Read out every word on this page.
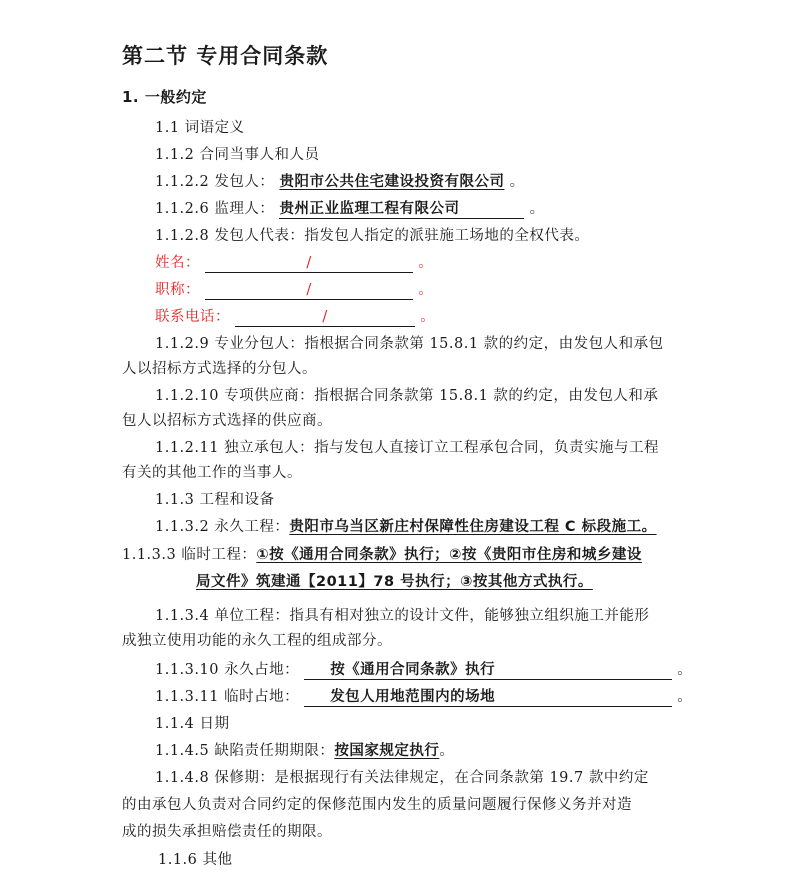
第二节 专用合同条款
1. 一般约定
1.1 词语定义
1.1.2 合同当事人和人员
1.1.2.2 发包人： 贵阳市公共住宅建设投资有限公司 。
1.1.2.6 监理人： 贵州正业监理工程有限公司	。
1.1.2.8 发包人代表：指发包人指定的派驻施工场地的全权代表。
姓名：	/	。
职称：	/	。
联系电话：	/	。
1.1.2.9 专业分包人：指根据合同条款第 15.8.1 款的约定，由发包人和承包
人以招标方式选择的分包人。
1.1.2.10 专项供应商：指根据合同条款第 15.8.1 款的约定，由发包人和承
包人以招标方式选择的供应商。
1.1.2.11 独立承包人：指与发包人直接订立工程承包合同，负责实施与工程
有关的其他工作的当事人。
1.1.3 工程和设备
1.1.3.2 永久工程：贵阳市乌当区新庄村保障性住房建设工程 C 标段施工。
1.1.3.3 临时工程：①按《通用合同条款》执行；②按《贵阳市住房和城乡建设
局文件》筑建通【2011】78 号执行；③按其他方式执行。
1.1.3.4 单位工程：指具有相对独立的设计文件，能够独立组织施工并能形
成独立使用功能的永久工程的组成部分。
1.1.3.10 永久占地： 按《通用合同条款》执行	。
1.1.3.11 临时占地： 发包人用地范围内的场地	。
1.1.4 日期
1.1.4.5 缺陷责任期期限：按国家规定执行。
1.1.4.8 保修期：是根据现行有关法律规定，在合同条款第 19.7 款中约定
的由承包人负责对合同约定的保修范围内发生的质量问题履行保修义务并对造
成的损失承担赔偿责任的期限。
1.1.6 其他
